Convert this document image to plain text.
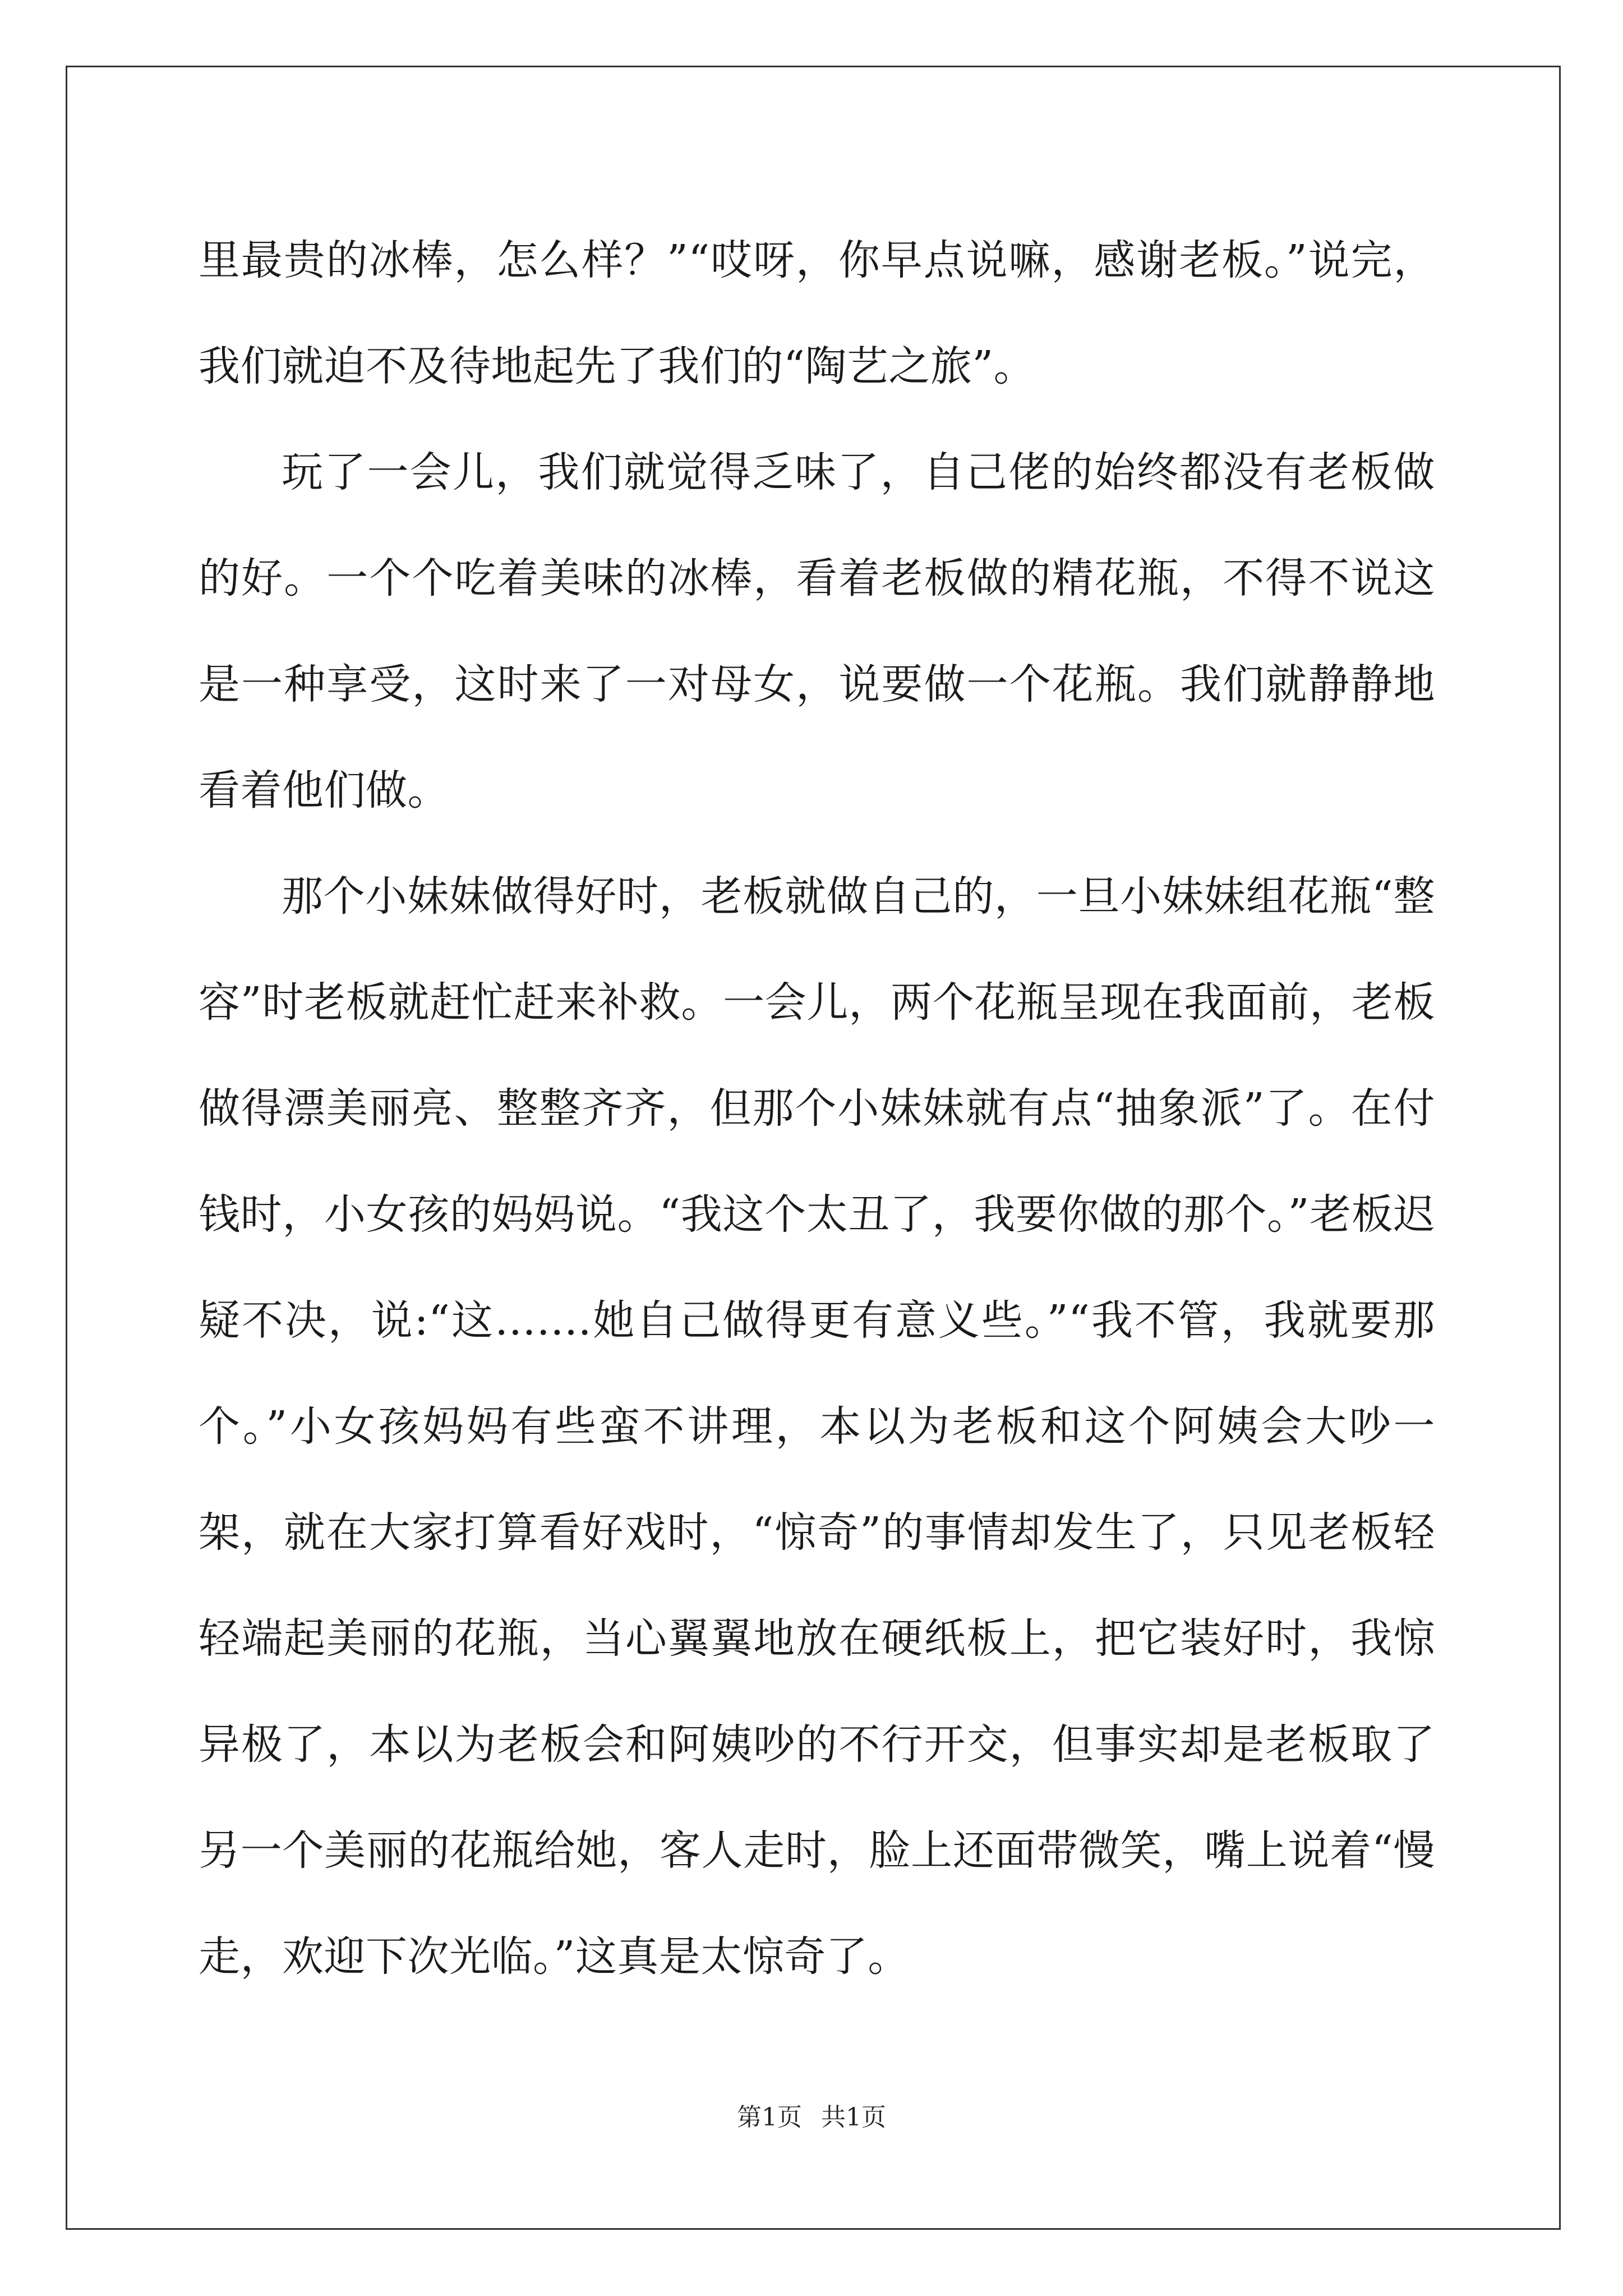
里最贵的冰棒，怎么样？”“哎呀，你早点说嘛，感谢老板。”说完，我们就迫不及待地起先了我们的“陶艺之旅”。

玩了一会儿，我们就觉得乏味了，自己佬的始终都没有老板做的好。一个个吃着美味的冰棒，看着老板做的精花瓶，不得不说这是一种享受，这时来了一对母女，说要做一个花瓶。我们就静静地看着他们做。

那个小妹妹做得好时，老板就做自己的，一旦小妹妹组花瓶“整容”时老板就赶忙赶来补救。一会儿，两个花瓶呈现在我面前，老板做得漂美丽亮、整整齐齐，但那个小妹妹就有点“抽象派”了。在付钱时，小女孩的妈妈说。“我这个太丑了，我要你做的那个。”老板迟疑不决，说:“这…….她自己做得更有意义些。”“我不管，我就要那个。”小女孩妈妈有些蛮不讲理，本以为老板和这个阿姨会大吵一架，就在大家打算看好戏时，“惊奇”的事情却发生了，只见老板轻轻端起美丽的花瓶，当心翼翼地放在硬纸板上，把它装好时，我惊异极了，本以为老板会和阿姨吵的不行开交，但事实却是老板取了另一个美丽的花瓶给她，客人走时，脸上还面带微笑，嘴上说着“慢走，欢迎下次光临。”这真是太惊奇了。

第1页 共1页
